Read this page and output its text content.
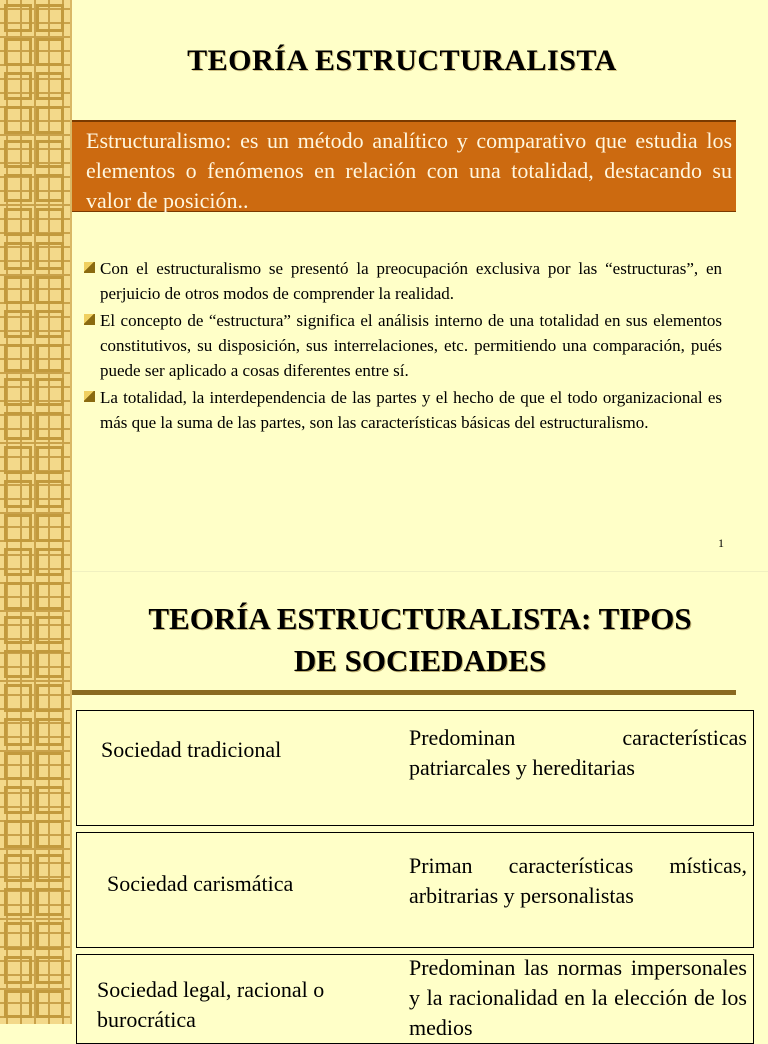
TEORÍA ESTRUCTURALISTA
Estructuralismo: es un método analítico y comparativo que estudia los elementos o fenómenos en relación con una totalidad, destacando su valor de posición..
Con el estructuralismo se presentó la preocupación exclusiva por las “estructuras”, en perjuicio de otros modos de comprender la realidad.
El concepto de “estructura” significa el análisis interno de una totalidad en sus elementos constitutivos, su disposición, sus interrelaciones, etc. permitiendo una comparación, pués puede ser aplicado a cosas diferentes entre sí.
La totalidad, la interdependencia de las partes y el hecho de que el todo organizacional es más que la suma de las partes, son las características básicas del estructuralismo.
1
TEORÍA ESTRUCTURALISTA: TIPOS
DE SOCIEDADES
Sociedad tradicional	Predominan características patriarcales y hereditarias
Sociedad carismática
Priman características místicas, arbitrarias y personalistas
Sociedad legal, racional o burocrática
Predominan las normas impersonales y la racionalidad en la elección de los medios
